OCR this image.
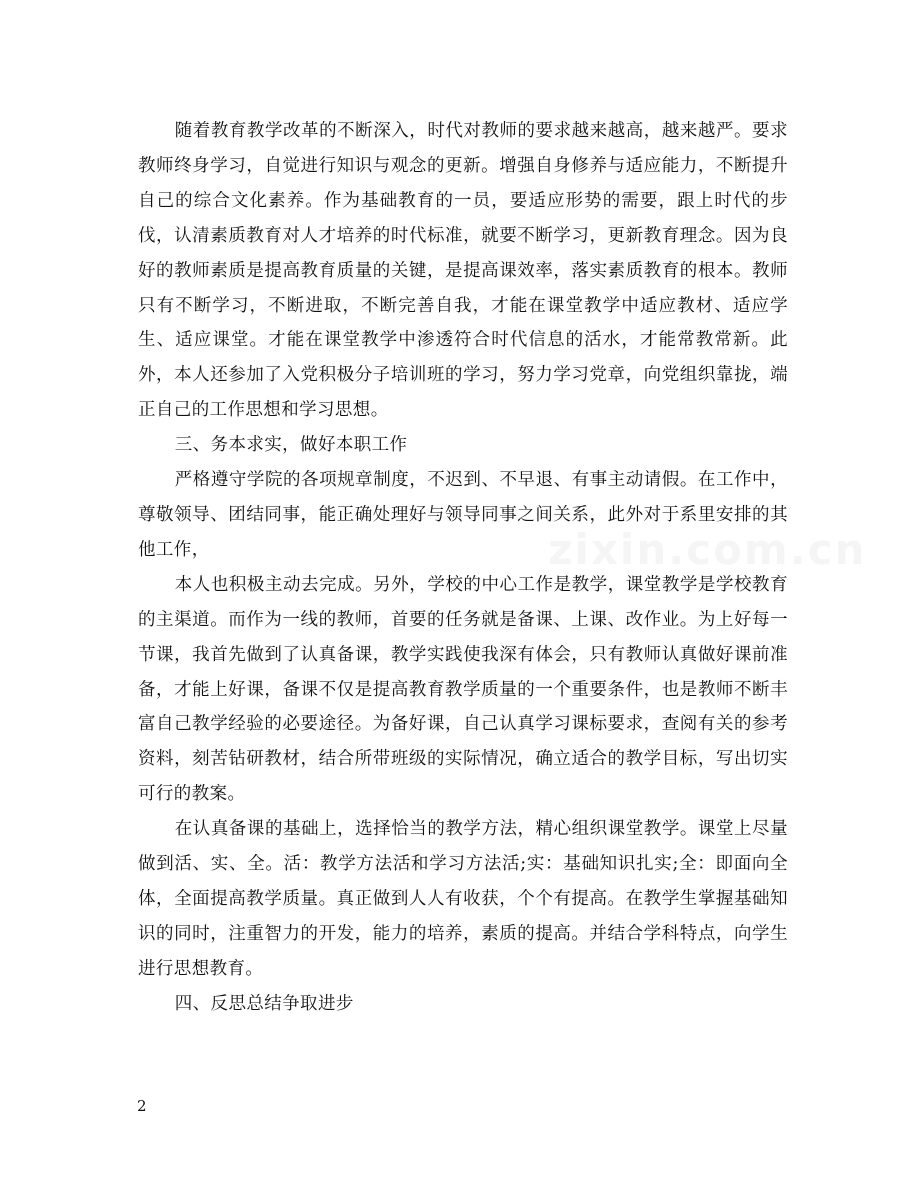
随着教育教学改革的不断深入，时代对教师的要求越来越高，越来越严。要求教师终身学习，自觉进行知识与观念的更新。增强自身修养与适应能力，不断提升自己的综合文化素养。作为基础教育的一员，要适应形势的需要，跟上时代的步伐，认清素质教育对人才培养的时代标准，就要不断学习，更新教育理念。因为良好的教师素质是提高教育质量的关键，是提高课效率，落实素质教育的根本。教师只有不断学习，不断进取，不断完善自我，才能在课堂教学中适应教材、适应学生、适应课堂。才能在课堂教学中渗透符合时代信息的活水，才能常教常新。此外，本人还参加了入党积极分子培训班的学习，努力学习党章，向党组织靠拢，端正自己的工作思想和学习思想。

三、务本求实，做好本职工作

严格遵守学院的各项规章制度，不迟到、不早退、有事主动请假。在工作中，尊敬领导、团结同事，能正确处理好与领导同事之间关系，此外对于系里安排的其他工作，

本人也积极主动去完成。另外，学校的中心工作是教学，课堂教学是学校教育的主渠道。而作为一线的教师，首要的任务就是备课、上课、改作业。为上好每一节课，我首先做到了认真备课，教学实践使我深有体会，只有教师认真做好课前准备，才能上好课，备课不仅是提高教育教学质量的一个重要条件，也是教师不断丰富自己教学经验的必要途径。为备好课，自己认真学习课标要求，查阅有关的参考资料，刻苦钻研教材，结合所带班级的实际情况，确立适合的教学目标，写出切实可行的教案。

在认真备课的基础上，选择恰当的教学方法，精心组织课堂教学。课堂上尽量做到活、实、全。活：教学方法活和学习方法活;实：基础知识扎实;全：即面向全体，全面提高教学质量。真正做到人人有收获，个个有提高。在教学生掌握基础知识的同时，注重智力的开发，能力的培养，素质的提高。并结合学科特点，向学生进行思想教育。

四、反思总结争取进步

zixin.com.cn
2
